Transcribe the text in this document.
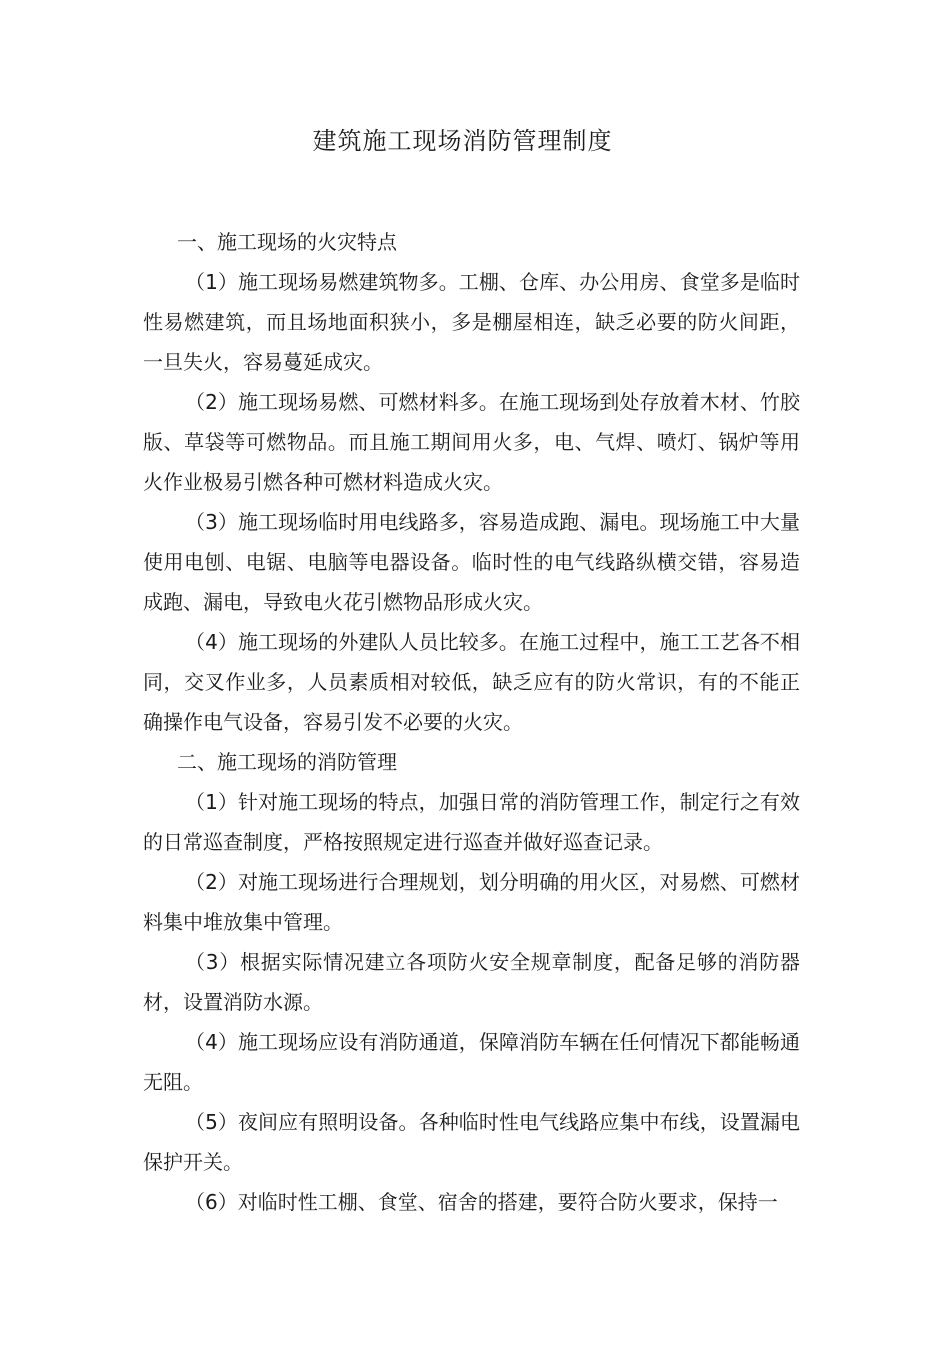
建筑施工现场消防管理制度

一、施工现场的火灾特点

（1）施工现场易燃建筑物多。工棚、仓库、办公用房、食堂多是临时性易燃建筑，而且场地面积狭小，多是棚屋相连，缺乏必要的防火间距，一旦失火，容易蔓延成灾。

（2）施工现场易燃、可燃材料多。在施工现场到处存放着木材、竹胶版、草袋等可燃物品。而且施工期间用火多，电、气焊、喷灯、锅炉等用火作业极易引燃各种可燃材料造成火灾。

（3）施工现场临时用电线路多，容易造成跑、漏电。现场施工中大量使用电刨、电锯、电脑等电器设备。临时性的电气线路纵横交错，容易造成跑、漏电，导致电火花引燃物品形成火灾。

（4）施工现场的外建队人员比较多。在施工过程中，施工工艺各不相同，交叉作业多，人员素质相对较低，缺乏应有的防火常识，有的不能正确操作电气设备，容易引发不必要的火灾。

二、施工现场的消防管理

（1）针对施工现场的特点，加强日常的消防管理工作，制定行之有效的日常巡查制度，严格按照规定进行巡查并做好巡查记录。

（2）对施工现场进行合理规划，划分明确的用火区，对易燃、可燃材料集中堆放集中管理。

（3）根据实际情况建立各项防火安全规章制度，配备足够的消防器材，设置消防水源。

（4）施工现场应设有消防通道，保障消防车辆在任何情况下都能畅通无阻。

（5）夜间应有照明设备。各种临时性电气线路应集中布线，设置漏电保护开关。

（6）对临时性工棚、食堂、宿舍的搭建，要符合防火要求，保持一
